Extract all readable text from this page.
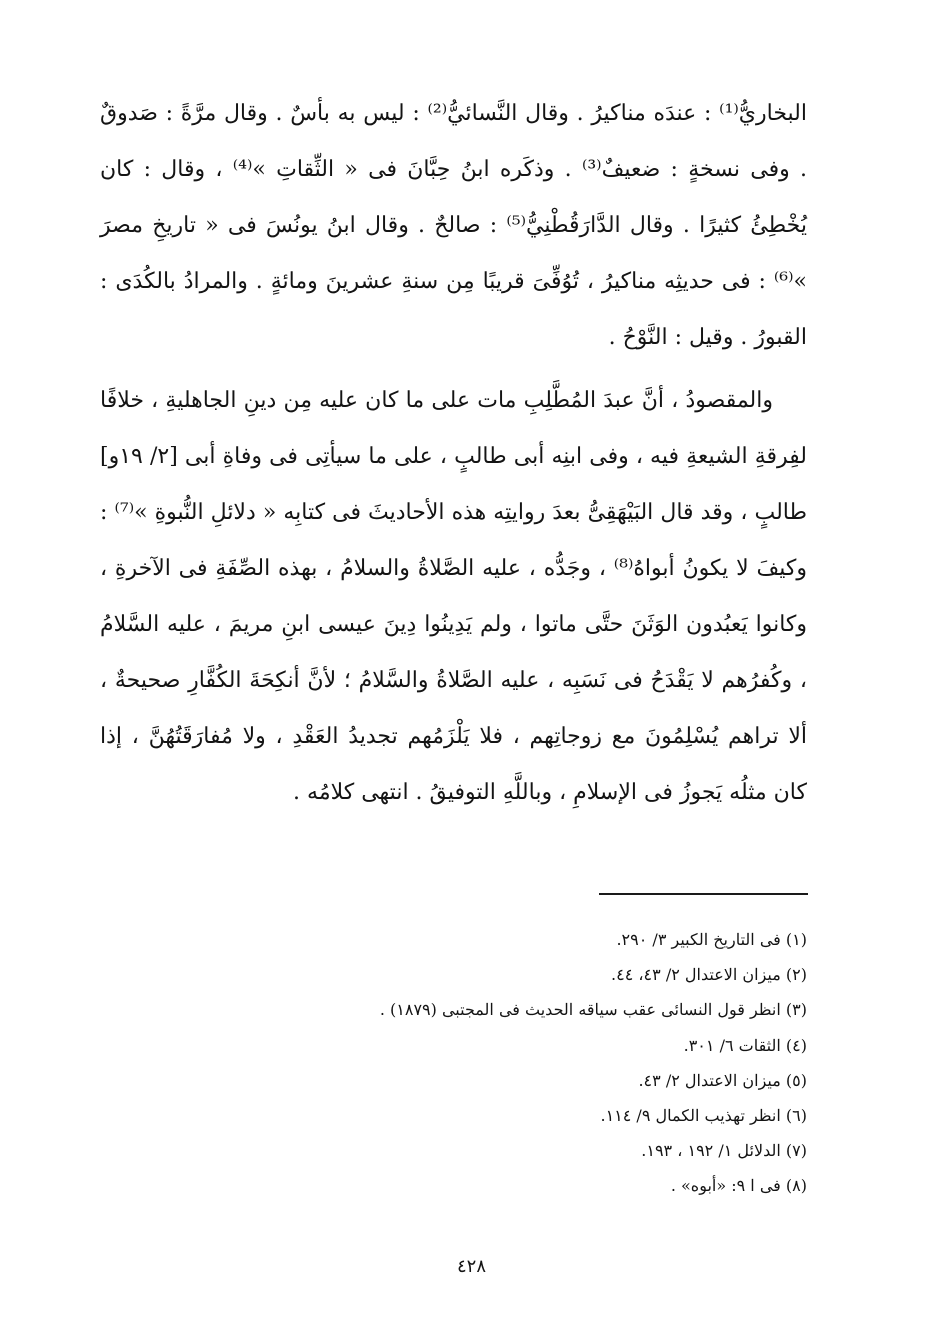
البخاريُّ⁽¹⁾ : عندَه مناكيرُ . وقال النَّسائيُّ⁽²⁾ : ليس به بأسٌ . وقال مرَّةً : صَدوقٌ . وفى نسخةٍ : ضعيفٌ⁽³⁾ . وذكَره ابنُ حِبَّانَ فى « الثِّقاتِ »⁽⁴⁾ ، وقال : كان يُخْطِئُ كثيرًا . وقال الدَّارَقُطْنِيُّ⁽⁵⁾ : صالحٌ . وقال ابنُ يونُسَ فى « تاريخِ مصرَ »⁽⁶⁾ : فى حديثِه مناكيرُ ، تُوُفِّىَ قريبًا مِن سنةِ عشرينَ ومائةٍ . والمرادُ بالكُدَى : القبورُ . وقيل : النَّوْحُ .

والمقصودُ ، أنَّ عبدَ المُطَّلِبِ مات على ما كان عليه مِن دينِ الجاهليةِ ، خلافًا لفِرقةِ الشيعةِ فيه ، وفى ابنِه أبى طالبٍ ، على ما سيأتِى فى وفاةِ أبى [٢/ ١٩و] طالبٍ ، وقد قال البَيْهَقِىُّ بعدَ روايتِه هذه الأحاديثَ فى كتابِه « دلائلِ النُّبوةِ »⁽⁷⁾ : وكيفَ لا يكونُ أبواهُ⁽⁸⁾ ، وجَدُّه ، عليه الصَّلاةُ والسلامُ ، بهذه الصِّفَةِ فى الآخرةِ ، وكانوا يَعبُدون الوَثَنَ حتَّى ماتوا ، ولم يَدِينُوا دِينَ عيسى ابنِ مريمَ ، عليه السَّلامُ ، وكُفرُهم لا يَقْدَحُ فى نَسَبِه ، عليه الصَّلاةُ والسَّلامُ ؛ لأنَّ أنكِحَةَ الكُفَّارِ صحيحةٌ ، ألا تراهم يُسْلِمُونَ مع زوجاتِهم ، فلا يَلْزَمُهم تجديدُ العَقْدِ ، ولا مُفارَقَتُهُنَّ ، إذا كان مثلُه يَجوزُ فى الإسلامِ ، وباللَّهِ التوفيقُ . انتهى كلامُه .

(١) فى التاريخ الكبير ٣/ ٢٩٠.

(٢) ميزان الاعتدال ٢/ ٤٣، ٤٤.

(٣) انظر قول النسائى عقب سياقه الحديث فى المجتبى (١٨٧٩) .

(٤) الثقات ٦/ ٣٠١.

(٥) ميزان الاعتدال ٢/ ٤٣.

(٦) انظر تهذيب الكمال ٩/ ١١٤.

(٧) الدلائل ١/ ١٩٢ ، ١٩٣.

(٨) فى ا ٩: «أبوه» .

٤٢٨
